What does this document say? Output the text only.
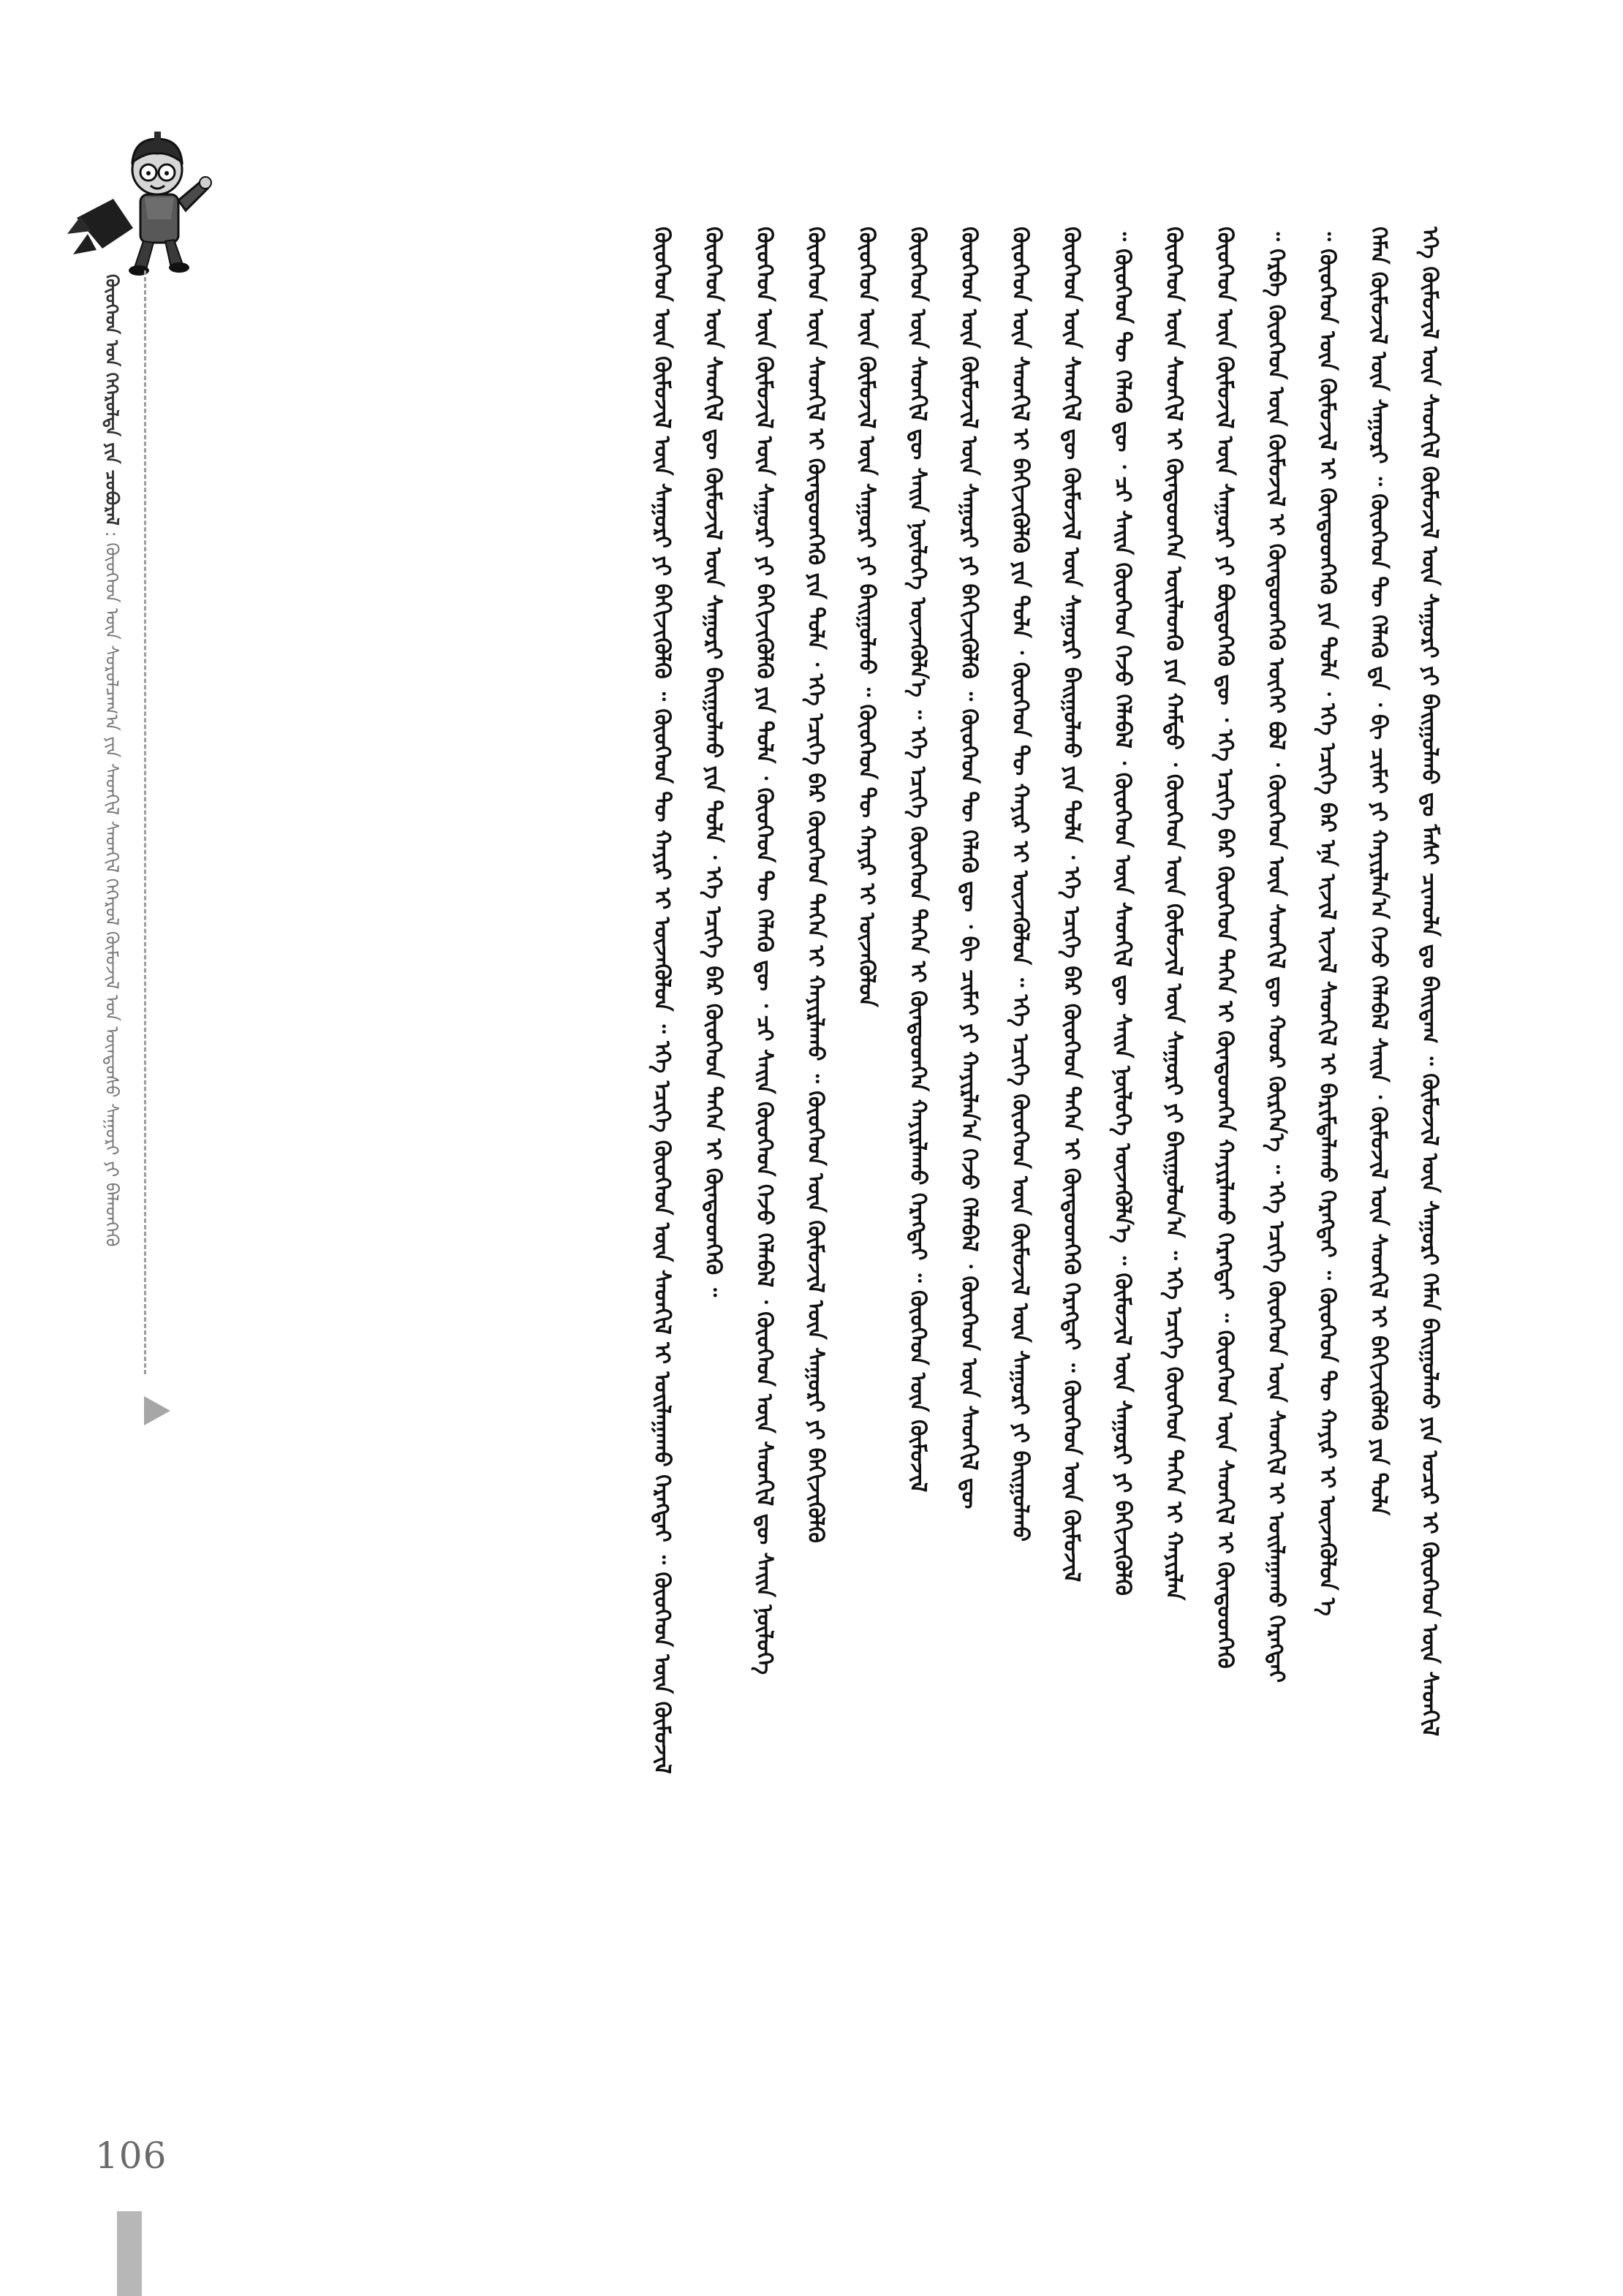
ᠬᠦᠦᠬᠡᠳ ᠤᠨ ᠭᠡᠭᠡᠷᠦᠯᠲᠡ ᠶᠢᠨ ᠴᠤᠪᠤᠷᠠᠯ : ᠬᠦᠦᠬᠡᠳ ᠦᠨ ᠰᠤᠷᠤᠯᠴᠠᠭ᠎ᠠ ᠶᠢᠨ ᠰᠡᠳᠬᠢᠯ ᠰᠡᠳᠬᠢᠯ ᠭᠡᠭᠡᠷᠦᠯ ᠬᠦᠮᠦᠵᠢᠯ ᠤᠨ ᠦᠨᠳᠦᠰᠦ ᠰᠠᠭᠤᠷᠢ ᠶᠢ ᠪᠡᠯᠡᠳᠬᠡᠬᠦ	ᠡᠬᠡ ᠬᠦᠮᠦᠵᠢᠯ ᠦᠨ ᠰᠡᠳᠬᠢᠯ ᠬᠦᠮᠦᠵᠢᠯ ᠦᠨ ᠰᠠᠭᠤᠷᠢ ᠶᠢ ᠪᠠᠢᠭᠤᠯᠬᠤ ᠳᠤ ᠮᠠᠰᠢ ᠴᠢᠬᠤᠯᠠ ᠳᠤ ᠪᠠᠢᠳᠠᠭ ᠃ ᠬᠦᠮᠦᠵᠢᠯ ᠦᠨ ᠰᠠᠭᠤᠷᠢ ᠬᠡᠮᠡᠨ ᠪᠠᠢᠭᠤᠯᠬᠤ ᠶᠢᠨ ᠤᠴᠢᠷ ᠢ ᠬᠦᠦᠬᠡᠳ ᠦᠨ ᠰᠡᠳᠬᠢᠯ
ᠬᠡᠮᠡᠨ ᠬᠦᠮᠦᠵᠢᠯ ᠦᠨ ᠰᠠᠭᠤᠷᠢ ᠃ ᠬᠦᠦᠬᠡᠳ ᠲᠦ ᠬᠡᠯᠡᠬᠦ ᠳᠡ ᠂ ᠪᠢ ᠴᠢᠮᠠᠢ ᠶᠢ ᠬᠠᠶᠢᠷᠯᠠᠨ᠎ᠠ ᠭᠡᠵᠦ ᠬᠡᠯᠡᠪᠡᠯ ᠰᠠᠢᠨ ᠂ ᠬᠦᠮᠦᠵᠢᠯ ᠦᠨ ᠰᠡᠳᠬᠢᠯ ᠢ ᠪᠡᠬᠢᠵᠢᠭᠦᠯᠬᠦ ᠶᠢᠨ ᠲᠤᠯᠠ
᠃ ᠬᠦᠦᠬᠡᠳ ᠦᠨ ᠬᠦᠮᠦᠵᠢᠯ ᠢ ᠬᠦᠨᠳᠦᠳᠬᠡᠬᠦ ᠶᠢᠨ ᠲᠤᠯᠠ ᠂ ᠡᠬᠡ ᠡᠴᠢᠭᠡ ᠪᠡᠷ ᠡᠨᠡ ᠢᠵᠢᠯ ᠢᠵᠢᠯ ᠰᠡᠳᠬᠢᠯ ᠢ ᠪᠠᠷᠢᠮᠲᠠᠯᠠᠬᠤ ᠬᠡᠷᠡᠭᠲᠡᠢ ᠃ ᠬᠦᠦᠬᠡᠳ ᠲᠦ ᠬᠠᠶᠢᠷ ᠢ ᠦᠵᠡᠭᠦᠯᠦᠨ ᠡ
᠃ ᠬᠡᠷᠪᠡ ᠬᠦᠦᠬᠡᠳ ᠦᠨ ᠬᠦᠮᠦᠵᠢᠯ ᠢ ᠬᠦᠨᠳᠦᠳᠬᠡᠬᠦ ᠦᠭᠡᠢ ᠪᠣᠯ ᠂ ᠬᠦᠦᠬᠡᠳ ᠦᠨ ᠰᠡᠳᠬᠢᠯ ᠳᠦ ᠬᠣᠤᠷ ᠬᠦᠷᠭᠡᠨ᠎ᠡ ᠃ ᠡᠬᠡ ᠡᠴᠢᠭᠡ ᠬᠦᠦᠬᠡᠳ ᠦᠨ ᠰᠡᠳᠬᠢᠯ ᠢ ᠣᠢᠯᠠᠭᠠᠬᠤ ᠬᠡᠷᠡᠭᠲᠡᠢ
ᠬᠦᠦᠬᠡᠳ ᠦᠨ ᠬᠦᠮᠦᠵᠢᠯ ᠦᠨ ᠰᠠᠭᠤᠷᠢ ᠶᠢ ᠪᠦᠲᠦᠭᠡᠬᠦ ᠳᠦ ᠂ ᠡᠬᠡ ᠡᠴᠢᠭᠡ ᠪᠡᠷ ᠬᠦᠦᠬᠡᠳ ᠲᠡᠭᠡᠨ ᠢ ᠬᠦᠨᠳᠦᠳᠬᠡᠨ ᠬᠠᠶᠢᠷᠯᠠᠬᠤ ᠬᠡᠷᠡᠭᠲᠡᠢ ᠃ ᠬᠦᠦᠬᠡᠳ ᠦᠨ ᠰᠡᠳᠬᠢᠯ ᠢ ᠬᠦᠨᠳᠦᠳᠬᠡᠬᠦ
ᠬᠦᠦᠬᠡᠳ ᠦᠨ ᠰᠡᠳᠬᠢᠯ ᠢ ᠬᠦᠨᠳᠦᠳᠬᠡᠨ ᠦᠢᠯᠡᠳᠬᠦ ᠶᠢᠨ ᠬᠠᠮᠲᠤ ᠂ ᠬᠦᠦᠬᠡᠳ ᠦᠨ ᠬᠦᠮᠦᠵᠢᠯ ᠦᠨ ᠰᠠᠭᠤᠷᠢ ᠶᠢ ᠪᠠᠢᠭᠤᠯᠤᠨ᠎ᠠ ᠃ ᠡᠬᠡ ᠡᠴᠢᠭᠡ ᠬᠦᠦᠬᠡᠳ ᠲᠡᠭᠡᠨ ᠢ ᠬᠠᠶᠢᠷᠯᠠᠨ
᠃ ᠬᠦᠦᠬᠡᠳ ᠲᠦ ᠬᠡᠯᠡᠬᠦ ᠳᠦ ᠂ ᠴᠢ ᠰᠠᠢᠨ ᠬᠦᠦᠬᠡᠳ ᠭᠡᠵᠦ ᠬᠡᠯᠡᠪᠡᠯ ᠂ ᠬᠦᠦᠬᠡᠳ ᠦᠨ ᠰᠡᠳᠬᠢᠯ ᠳᠦ ᠰᠠᠢᠨ ᠨᠦᠯᠦᠭᠡ ᠦᠵᠡᠭᠦᠯᠨ᠎ᠡ ᠃ ᠬᠦᠮᠦᠵᠢᠯ ᠦᠨ ᠰᠠᠭᠤᠷᠢ ᠶᠢ ᠪᠡᠬᠢᠵᠢᠭᠦᠯᠬᠦ
ᠬᠦᠦᠬᠡᠳ ᠦᠨ ᠰᠡᠳᠬᠢᠯ ᠳᠦ ᠬᠦᠮᠦᠵᠢᠯ ᠦᠨ ᠰᠠᠭᠤᠷᠢ ᠪᠠᠢᠭᠤᠯᠬᠤ ᠶᠢᠨ ᠲᠤᠯᠠ ᠂ ᠡᠬᠡ ᠡᠴᠢᠭᠡ ᠪᠡᠷ ᠬᠦᠦᠬᠡᠳ ᠲᠡᠭᠡᠨ ᠢ ᠬᠦᠨᠳᠦᠳᠬᠡᠬᠦ ᠬᠡᠷᠡᠭᠲᠡᠢ ᠃ ᠬᠦᠦᠬᠡᠳ ᠦᠨ ᠬᠦᠮᠦᠵᠢᠯ
ᠬᠦᠦᠬᠡᠳ ᠦᠨ ᠰᠡᠳᠬᠢᠯ ᠢ ᠪᠡᠬᠢᠵᠢᠭᠦᠯᠬᠦ ᠶᠢᠨ ᠲᠤᠯᠠ ᠂ ᠬᠦᠦᠬᠡᠳ ᠲᠦ ᠬᠠᠶᠢᠷ ᠢ ᠦᠵᠡᠭᠦᠯᠦᠨ ᠃ ᠡᠬᠡ ᠡᠴᠢᠭᠡ ᠬᠦᠦᠬᠡᠳ ᠦᠨ ᠬᠦᠮᠦᠵᠢᠯ ᠦᠨ ᠰᠠᠭᠤᠷᠢ ᠶᠢ ᠪᠠᠢᠭᠤᠯᠬᠤ
ᠬᠦᠦᠬᠡᠳ ᠦᠨ ᠬᠦᠮᠦᠵᠢᠯ ᠦᠨ ᠰᠠᠭᠤᠷᠢ ᠶᠢ ᠪᠡᠬᠢᠵᠢᠭᠦᠯᠬᠦ ᠃ ᠬᠦᠦᠬᠡᠳ ᠲᠦ ᠬᠡᠯᠡᠬᠦ ᠳᠦ ᠂ ᠪᠢ ᠴᠢᠮᠠᠢ ᠶᠢ ᠬᠠᠶᠢᠷᠯᠠᠨ᠎ᠠ ᠭᠡᠵᠦ ᠬᠡᠯᠡᠪᠡᠯ ᠂ ᠬᠦᠦᠬᠡᠳ ᠦᠨ ᠰᠡᠳᠬᠢᠯ ᠳᠦ
ᠬᠦᠦᠬᠡᠳ ᠦᠨ ᠰᠡᠳᠬᠢᠯ ᠳᠦ ᠰᠠᠢᠨ ᠨᠦᠯᠦᠭᠡ ᠦᠵᠡᠭᠦᠯᠨ᠎ᠡ ᠃ ᠡᠬᠡ ᠡᠴᠢᠭᠡ ᠬᠦᠦᠬᠡᠳ ᠲᠡᠭᠡᠨ ᠢ ᠬᠦᠨᠳᠦᠳᠬᠡᠨ ᠬᠠᠶᠢᠷᠯᠠᠬᠤ ᠬᠡᠷᠡᠭᠲᠡᠢ ᠃ ᠬᠦᠦᠬᠡᠳ ᠦᠨ ᠬᠦᠮᠦᠵᠢᠯ
ᠬᠦᠦᠬᠡᠳ ᠦᠨ ᠬᠦᠮᠦᠵᠢᠯ ᠦᠨ ᠰᠠᠭᠤᠷᠢ ᠶᠢ ᠪᠠᠢᠭᠤᠯᠬᠤ ᠃ ᠬᠦᠦᠬᠡᠳ ᠲᠦ ᠬᠠᠶᠢᠷ ᠢ ᠦᠵᠡᠭᠦᠯᠦᠨ
ᠬᠦᠦᠬᠡᠳ ᠦᠨ ᠰᠡᠳᠬᠢᠯ ᠢ ᠬᠦᠨᠳᠦᠳᠬᠡᠬᠦ ᠶᠢᠨ ᠲᠤᠯᠠ ᠂ ᠡᠬᠡ ᠡᠴᠢᠭᠡ ᠪᠡᠷ ᠬᠦᠦᠬᠡᠳ ᠲᠡᠭᠡᠨ ᠢ ᠬᠠᠶᠢᠷᠯᠠᠬᠤ ᠃ ᠬᠦᠦᠬᠡᠳ ᠦᠨ ᠬᠦᠮᠦᠵᠢᠯ ᠦᠨ ᠰᠠᠭᠤᠷᠢ ᠶᠢ ᠪᠡᠬᠢᠵᠢᠭᠦᠯᠬᠦ
ᠬᠦᠦᠬᠡᠳ ᠦᠨ ᠬᠦᠮᠦᠵᠢᠯ ᠦᠨ ᠰᠠᠭᠤᠷᠢ ᠶᠢ ᠪᠡᠬᠢᠵᠢᠭᠦᠯᠬᠦ ᠶᠢᠨ ᠲᠤᠯᠠ ᠂ ᠬᠦᠦᠬᠡᠳ ᠲᠦ ᠬᠡᠯᠡᠬᠦ ᠳᠦ ᠂ ᠴᠢ ᠰᠠᠢᠨ ᠬᠦᠦᠬᠡᠳ ᠭᠡᠵᠦ ᠬᠡᠯᠡᠪᠡᠯ ᠂ ᠬᠦᠦᠬᠡᠳ ᠦᠨ ᠰᠡᠳᠬᠢᠯ ᠳᠦ ᠰᠠᠢᠨ ᠨᠦᠯᠦᠭᠡ
ᠬᠦᠦᠬᠡᠳ ᠦᠨ ᠰᠡᠳᠬᠢᠯ ᠳᠦ ᠬᠦᠮᠦᠵᠢᠯ ᠦᠨ ᠰᠠᠭᠤᠷᠢ ᠪᠠᠢᠭᠤᠯᠬᠤ ᠶᠢᠨ ᠲᠤᠯᠠ ᠂ ᠡᠬᠡ ᠡᠴᠢᠭᠡ ᠪᠡᠷ ᠬᠦᠦᠬᠡᠳ ᠲᠡᠭᠡᠨ ᠢ ᠬᠦᠨᠳᠦᠳᠬᠡᠬᠦ ᠃
ᠬᠦᠦᠬᠡᠳ ᠦᠨ ᠬᠦᠮᠦᠵᠢᠯ ᠦᠨ ᠰᠠᠭᠤᠷᠢ ᠶᠢ ᠪᠡᠬᠢᠵᠢᠭᠦᠯᠬᠦ ᠃ ᠬᠦᠦᠬᠡᠳ ᠲᠦ ᠬᠠᠶᠢᠷ ᠢ ᠦᠵᠡᠭᠦᠯᠦᠨ ᠃ ᠡᠬᠡ ᠡᠴᠢᠭᠡ ᠬᠦᠦᠬᠡᠳ ᠦᠨ ᠰᠡᠳᠬᠢᠯ ᠢ ᠣᠢᠯᠠᠭᠠᠬᠤ ᠬᠡᠷᠡᠭᠲᠡᠢ ᠃ ᠬᠦᠦᠬᠡᠳ ᠦᠨ ᠬᠦᠮᠦᠵᠢᠯ
106
